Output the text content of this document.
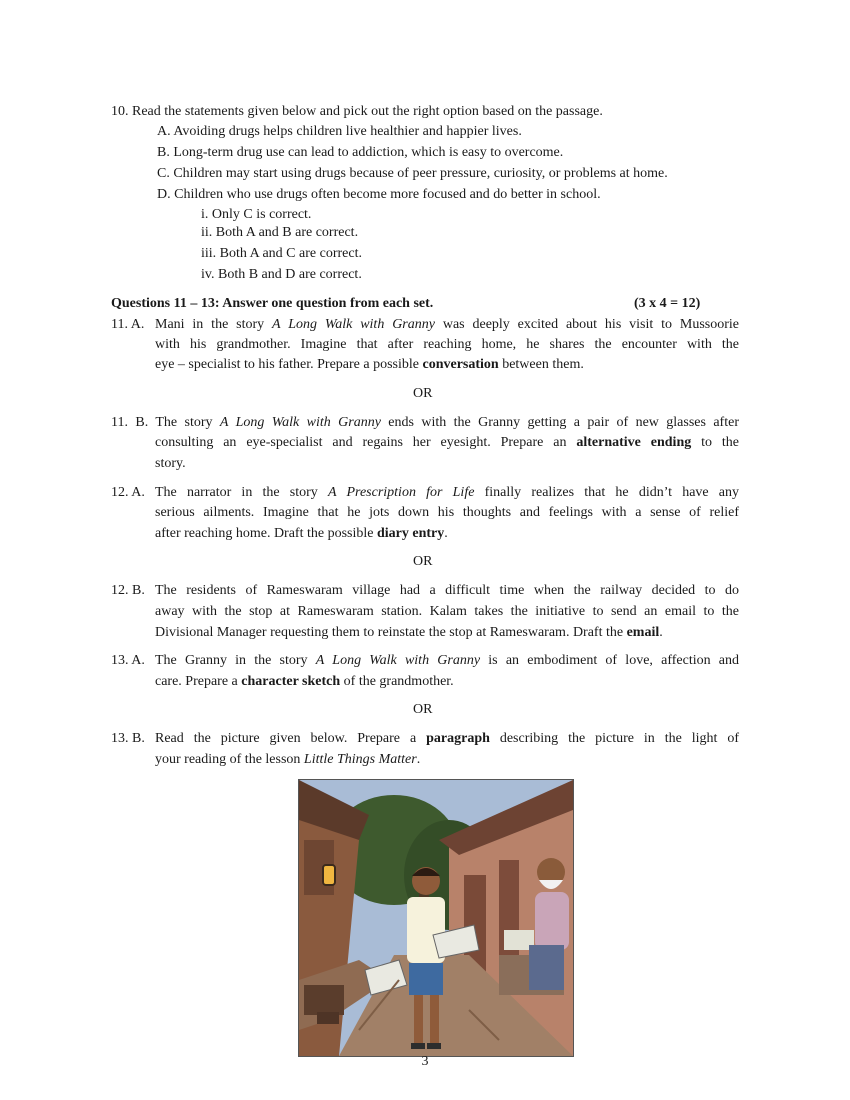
10. Read the statements given below and pick out the right option based on the passage.
A. Avoiding drugs helps children live healthier and happier lives.
B. Long-term drug use can lead to addiction, which is easy to overcome.
C. Children may start using drugs because of peer pressure, curiosity, or problems at home.
D. Children who use drugs often become more focused and do better in school.
i. Only C is correct.
ii. Both A and B are correct.
iii. Both A and C are correct.
iv. Both B and D are correct.
Questions 11 – 13: Answer one question from each set.	(3 x 4 = 12)
11. A. Mani in the story A Long Walk with Granny was deeply excited about his visit to Mussoorie
with his grandmother. Imagine that after reaching home, he shares the encounter with the
eye – specialist to his father. Prepare a possible conversation between them.
OR
11. B. The story A Long Walk with Granny ends with the Granny getting a pair of new glasses after
consulting an eye-specialist and regains her eyesight. Prepare an alternative ending to the
story.
12. A. The narrator in the story A Prescription for Life finally realizes that he didn’t have any
serious ailments. Imagine that he jots down his thoughts and feelings with a sense of relief
after reaching home. Draft the possible diary entry.
OR
12. B. The residents of Rameswaram village had a difficult time when the railway decided to do
away with the stop at Rameswaram station. Kalam takes the initiative to send an email to the
Divisional Manager requesting them to reinstate the stop at Rameswaram. Draft the email.
13. A. The Granny in the story A Long Walk with Granny is an embodiment of love, affection and
care. Prepare a character sketch of the grandmother.
OR
13. B. Read the picture given below. Prepare a paragraph describing the picture in the light of
your reading of the lesson Little Things Matter.
3
